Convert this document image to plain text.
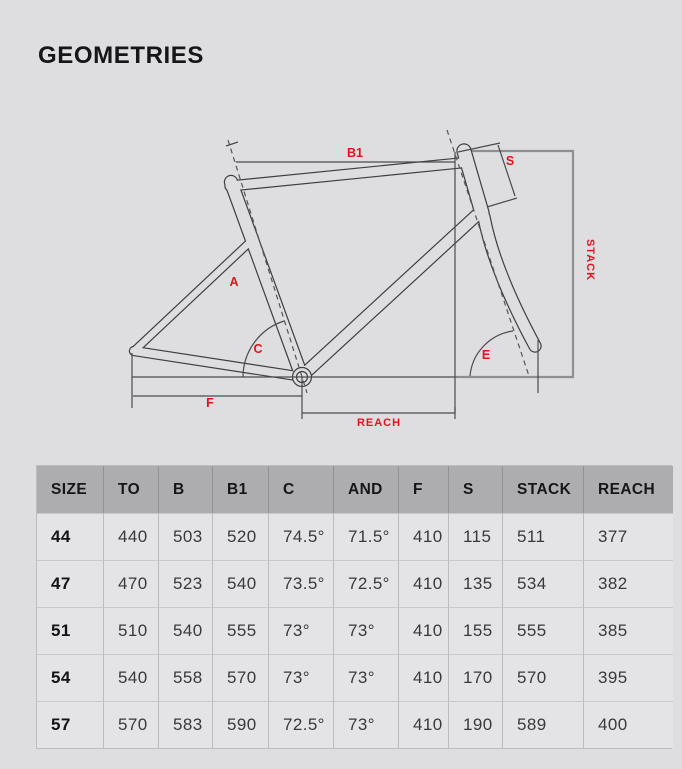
GEOMETRIES
B1
S
A
C	E
F
REACH
STACK
SIZE	TO	B	B1	C	AND	F	S	STACK	REACH
44	440	503	520	74.5°	71.5°	410	115	511	377
47	470	523	540	73.5°	72.5°	410	135	534	382
51	510	540	555	73°	73°	410	155	555	385
54	540	558	570	73°	73°	410	170	570	395
57	570	583	590	72.5°	73°	410	190	589	400
